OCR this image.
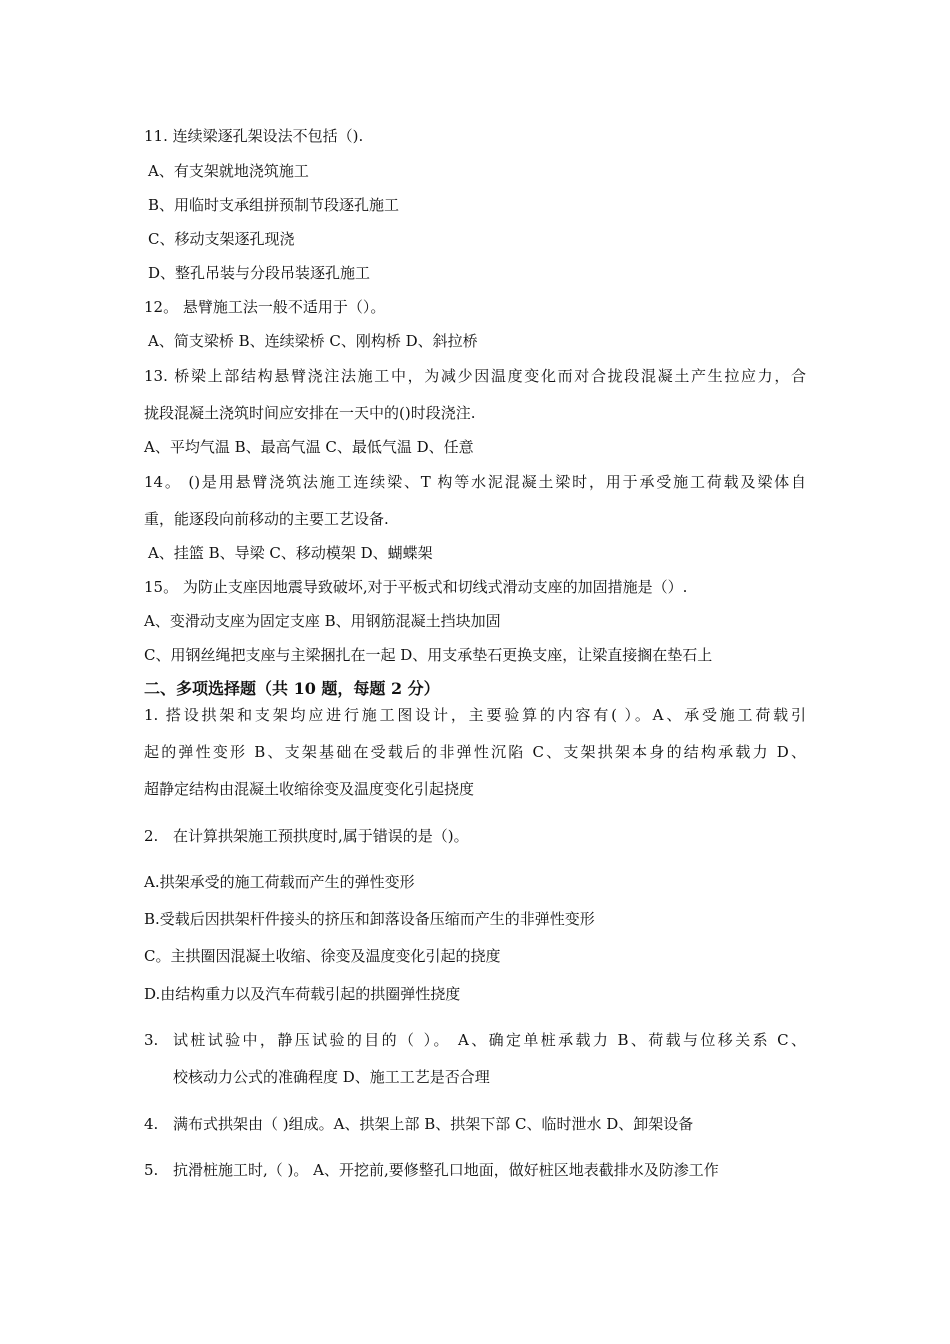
11. 连续梁逐孔架设法不包括（).
A、有支架就地浇筑施工
B、用临时支承组拼预制节段逐孔施工
C、移动支架逐孔现浇
D、整孔吊装与分段吊装逐孔施工
12。 悬臂施工法一般不适用于（）。
A、简支梁桥 B、连续梁桥 C、刚构桥 D、斜拉桥
13. 桥梁上部结构悬臂浇注法施工中，为减少因温度变化而对合拢段混凝土产生拉应力，合
拢段混凝土浇筑时间应安排在一天中的()时段浇注.
A、平均气温 B、最高气温 C、最低气温 D、任意
14。 ()是用悬臂浇筑法施工连续梁、T 构等水泥混凝土梁时，用于承受施工荷载及梁体自
重，能逐段向前移动的主要工艺设备.
A、挂篮 B、导梁 C、移动模架 D、蝴蝶架
15。 为防止支座因地震导致破坏,对于平板式和切线式滑动支座的加固措施是（）.
A、变滑动支座为固定支座 B、用钢筋混凝土挡块加固
C、用钢丝绳把支座与主梁捆扎在一起 D、用支承垫石更换支座，让梁直接搁在垫石上
二、多项选择题（共 10 题，每题 2 分）
1. 搭设拱架和支架均应进行施工图设计，主要验算的内容有( ）。A、承受施工荷载引
起的弹性变形 B、支架基础在受载后的非弹性沉陷 C、支架拱架本身的结构承载力 D、
超静定结构由混凝土收缩徐变及温度变化引起挠度
2. 在计算拱架施工预拱度时,属于错误的是（)。
A.拱架承受的施工荷载而产生的弹性变形
B.受载后因拱架杆件接头的挤压和卸落设备压缩而产生的非弹性变形
C。主拱圈因混凝土收缩、徐变及温度变化引起的挠度
D.由结构重力以及汽车荷载引起的拱圈弹性挠度
3. 试桩试验中，静压试验的目的（ ）。 A、确定单桩承载力 B、荷载与位移关系 C、
校核动力公式的准确程度 D、施工工艺是否合理
4. 满布式拱架由（ )组成。A、拱架上部 B、拱架下部 C、临时泄水 D、卸架设备
5. 抗滑桩施工时,（ )。 A、开挖前,要修整孔口地面，做好桩区地表截排水及防渗工作
